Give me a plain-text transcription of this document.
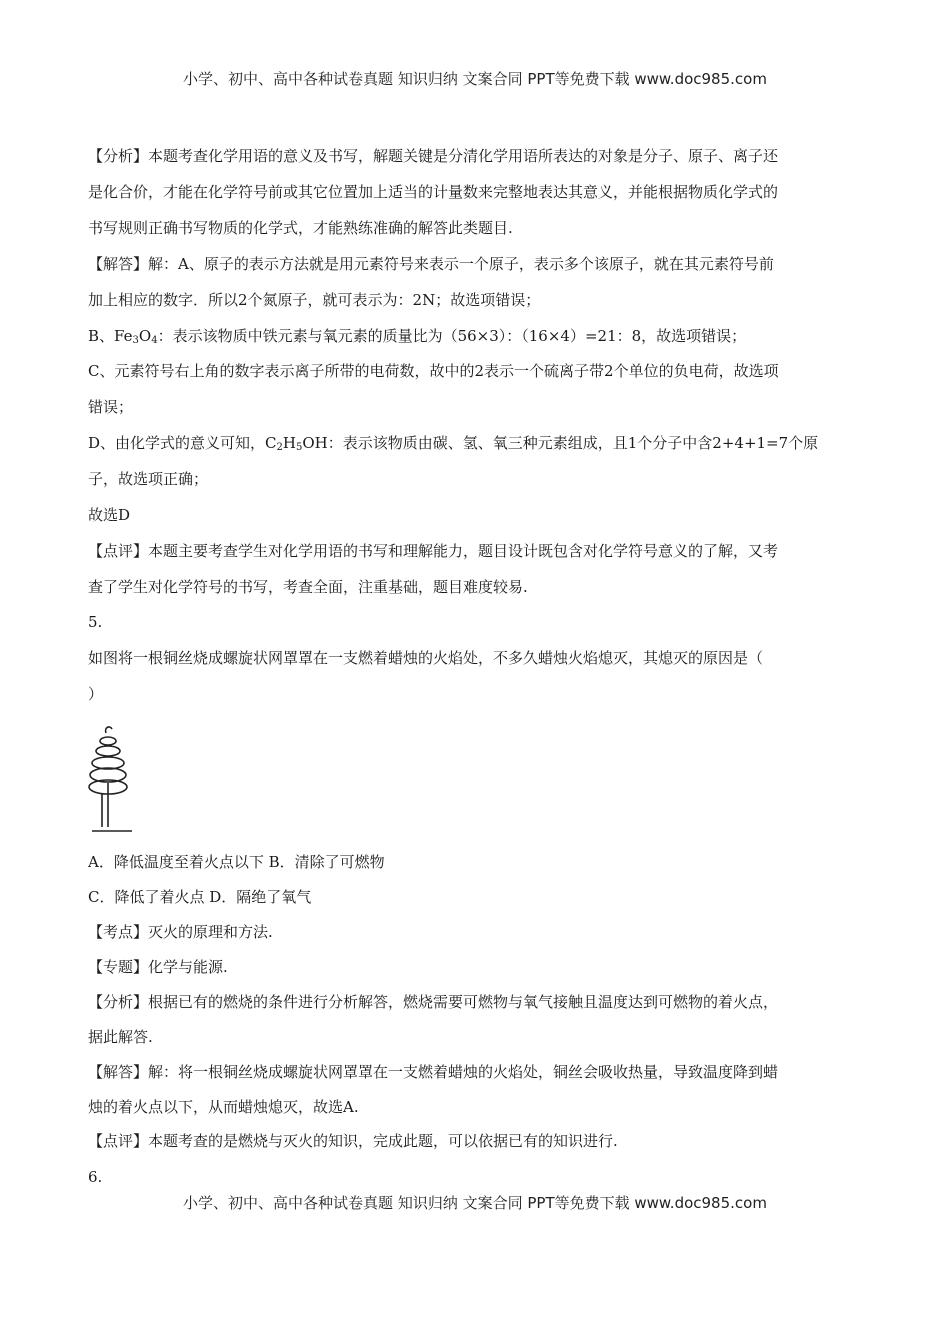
小学、初中、高中各种试卷真题 知识归纳 文案合同 PPT等免费下载 www.doc985.com
【分析】本题考查化学用语的意义及书写，解题关键是分清化学用语所表达的对象是分子、原子、离子还
是化合价，才能在化学符号前或其它位置加上适当的计量数来完整地表达其意义，并能根据物质化学式的
书写规则正确书写物质的化学式，才能熟练准确的解答此类题目.
【解答】解：A、原子的表示方法就是用元素符号来表示一个原子，表示多个该原子，就在其元素符号前
加上相应的数字．所以2个氮原子，就可表示为：2N；故选项错误；
B、$Fe_3O_4$：表示该物质中铁元素与氧元素的质量比为（56×3）：（16×4）=21：8，故选项错误；
C、元素符号右上角的数字表示离子所带的电荷数，故中的2表示一个硫离子带2个单位的负电荷，故选项
错误；
D、由化学式的意义可知，$C_2H_5OH$：表示该物质由碳、氢、氧三种元素组成，且1个分子中含2+4+1=7个原
子，故选项正确；
故选D
【点评】本题主要考查学生对化学用语的书写和理解能力，题目设计既包含对化学符号意义的了解，又考
查了学生对化学符号的书写，考查全面，注重基础，题目难度较易.
5.
如图将一根铜丝烧成螺旋状网罩罩在一支燃着蜡烛的火焰处，不多久蜡烛火焰熄灭，其熄灭的原因是（
）
A．降低温度至着火点以下 B．清除了可燃物
C．降低了着火点 D．隔绝了氧气
【考点】灭火的原理和方法.
【专题】化学与能源.
【分析】根据已有的燃烧的条件进行分析解答，燃烧需要可燃物与氧气接触且温度达到可燃物的着火点，
据此解答.
【解答】解：将一根铜丝烧成螺旋状网罩罩在一支燃着蜡烛的火焰处，铜丝会吸收热量，导致温度降到蜡
烛的着火点以下，从而蜡烛熄灭，故选A.
【点评】本题考查的是燃烧与灭火的知识，完成此题，可以依据已有的知识进行.
6.
小学、初中、高中各种试卷真题 知识归纳 文案合同 PPT等免费下载 www.doc985.com
